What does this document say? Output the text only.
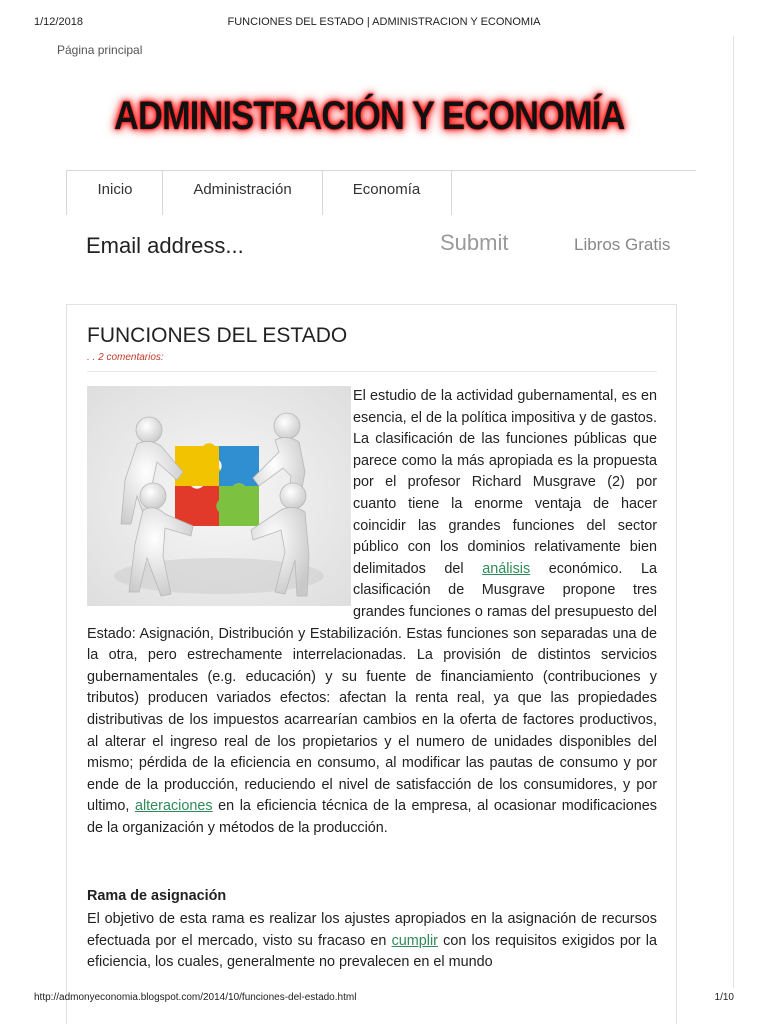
1/12/2018	FUNCIONES DEL ESTADO | ADMINISTRACION Y ECONOMIA
Página principal
ADMINISTRACIÓN Y ECONOMÍA
Inicio	Administración	Economía
Email address...
Submit	Libros Gratis
FUNCIONES DEL ESTADO
. . 2 comentarios:
El estudio de la actividad gubernamental, es en esencia, el de la política impositiva y de gastos. La clasificación de las funciones públicas que parece como la más apropiada es la propuesta por el profesor Richard Musgrave (2) por cuanto tiene la enorme ventaja de hacer coincidir las grandes funciones del sector público con los dominios relativamente bien delimitados del análisis económico. La clasificación de Musgrave propone tres grandes funciones o ramas del presupuesto del Estado: Asignación, Distribución y Estabilización. Estas funciones son separadas una de la otra, pero estrechamente interrelacionadas. La provisión de distintos servicios gubernamentales (e.g. educación) y su fuente de financiamiento (contribuciones y tributos) producen variados efectos: afectan la renta real, ya que las propiedades distributivas de los impuestos acarrearían cambios en la oferta de factores productivos, al alterar el ingreso real de los propietarios y el numero de unidades disponibles del mismo; pérdida de la eficiencia en consumo, al modificar las pautas de consumo y por ende de la producción, reduciendo el nivel de satisfacción de los consumidores, y por ultimo, alteraciones en la eficiencia técnica de la empresa, al ocasionar modificaciones de la organización y métodos de la producción.
Rama de asignación
El objetivo de esta rama es realizar los ajustes apropiados en la asignación de recursos efectuada por el mercado, visto su fracaso en cumplir con los requisitos exigidos por la eficiencia, los cuales, generalmente no prevalecen en el mundo
http://admonyeconomia.blogspot.com/2014/10/funciones-del-estado.html	1/10
